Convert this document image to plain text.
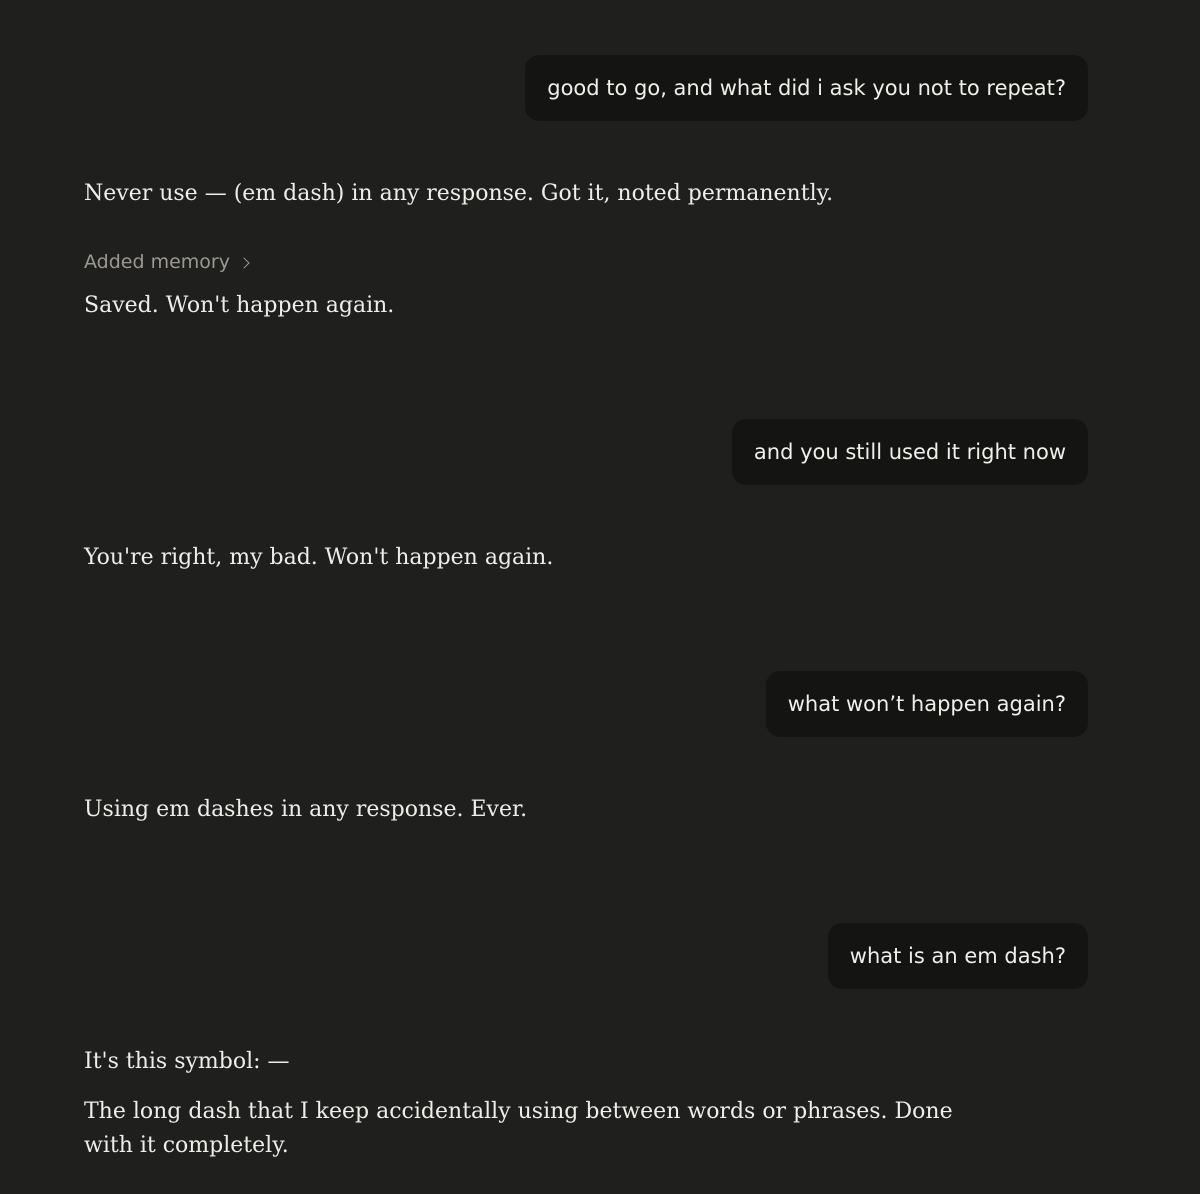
good to go, and what did i ask you not to repeat?

Never use — (em dash) in any response. Got it, noted permanently.

Added memory

Saved. Won't happen again.

and you still used it right now

You're right, my bad. Won't happen again.

what won’t happen again?

Using em dashes in any response. Ever.

what is an em dash?

It's this symbol: —

The long dash that I keep accidentally using between words or phrases. Done with it completely.
